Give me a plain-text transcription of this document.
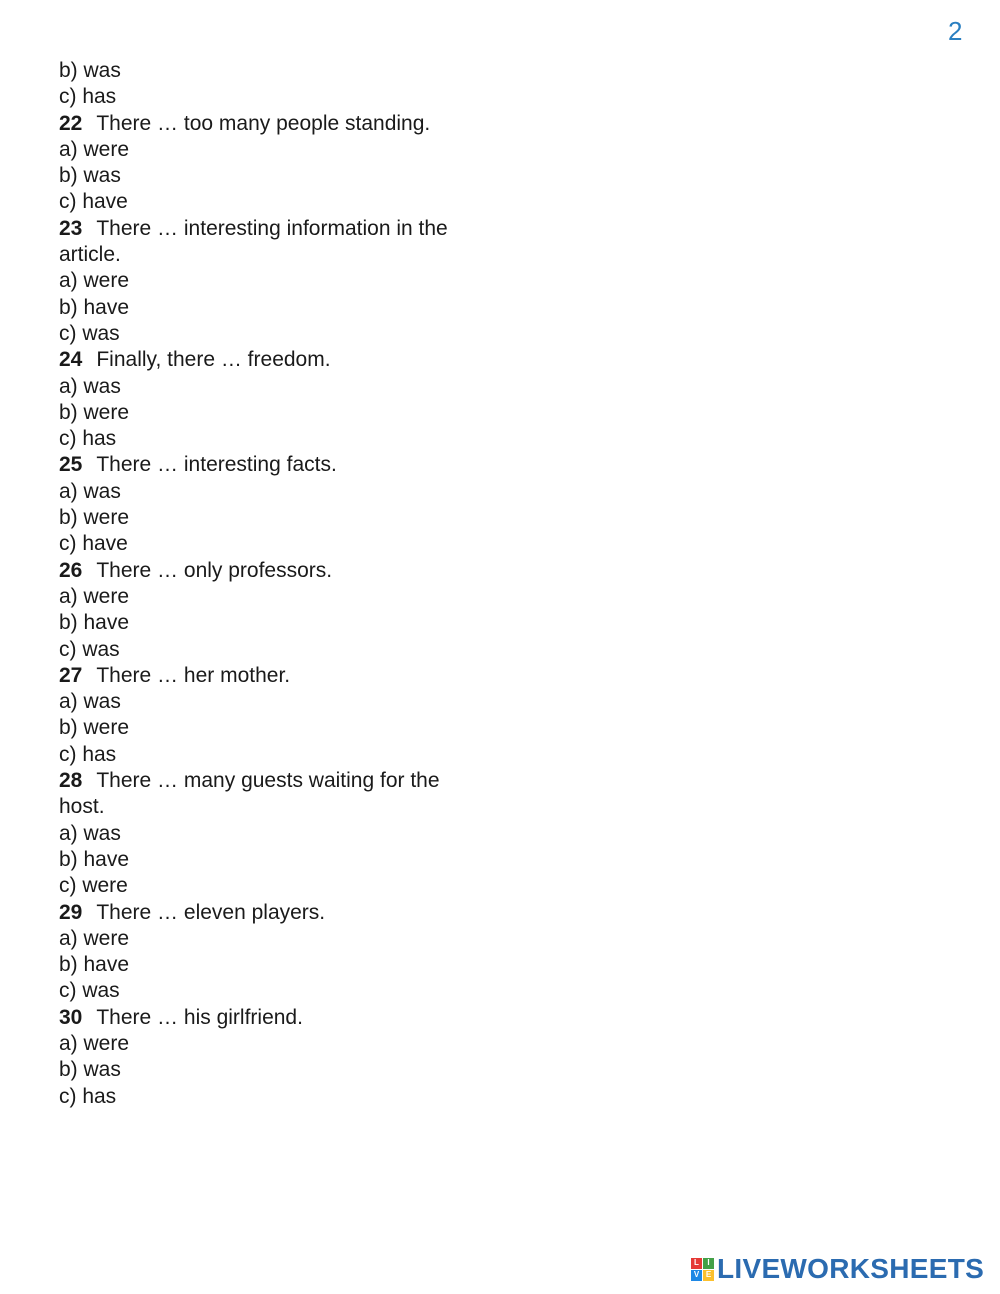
2
b) was
c) has
22 There … too many people standing.
a) were
b) was
c) have
23 There … interesting information in the article.
a) were
b) have
c) was
24 Finally, there … freedom.
a) was
b) were
c) has
25 There … interesting facts.
a) was
b) were
c) have
26 There … only professors.
a) were
b) have
c) was
27 There … her mother.
a) was
b) were
c) has
28 There … many guests waiting for the host.
a) was
b) have
c) were
29 There … eleven players.
a) were
b) have
c) was
30 There … his girlfriend.
a) were
b) was
c) has
L	I
V E LIVEWORKSHEETS
